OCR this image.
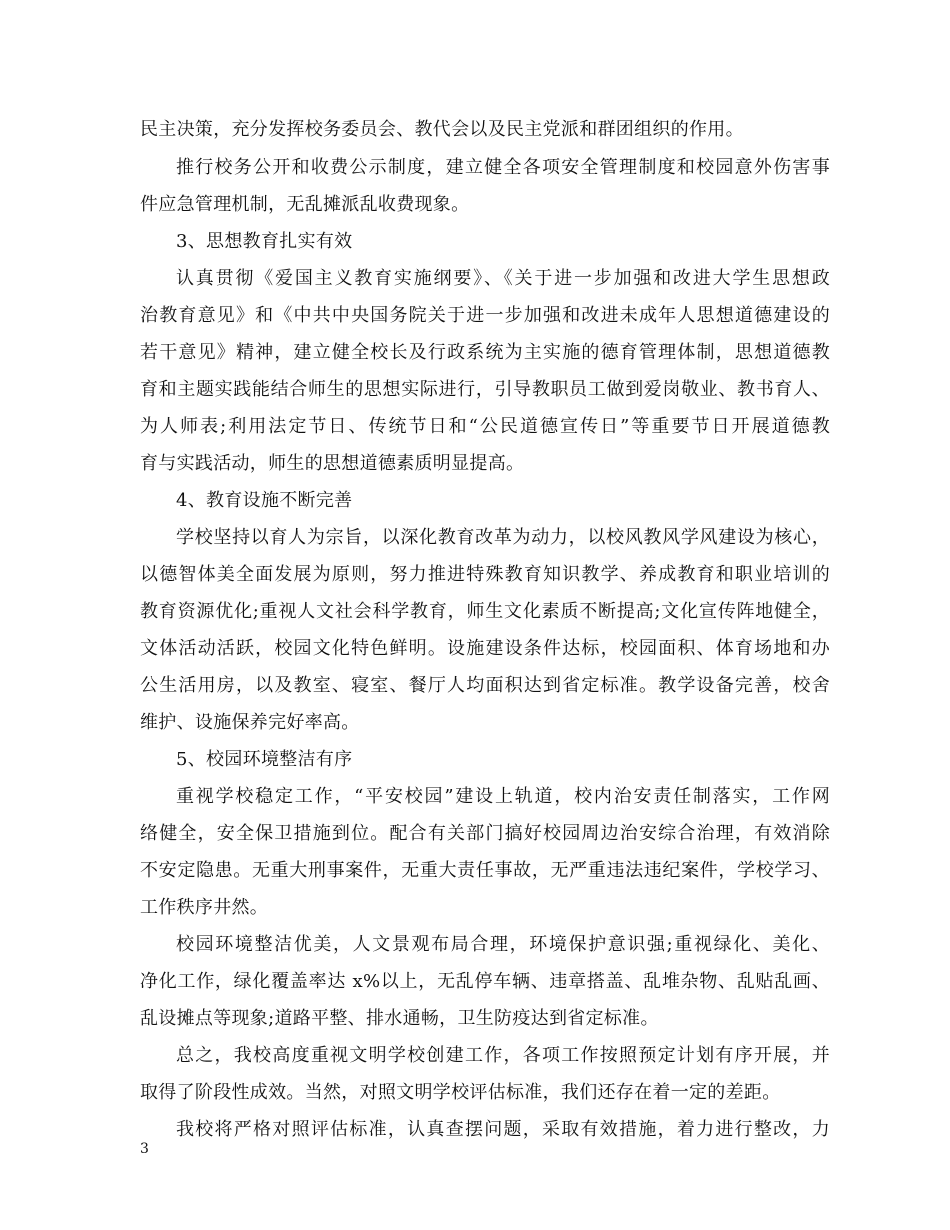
民主决策，充分发挥校务委员会、教代会以及民主党派和群团组织的作用。
推行校务公开和收费公示制度，建立健全各项安全管理制度和校园意外伤害事
件应急管理机制，无乱摊派乱收费现象。
3、思想教育扎实有效
认真贯彻《爱国主义教育实施纲要》、《关于进一步加强和改进大学生思想政
治教育意见》和《中共中央国务院关于进一步加强和改进未成年人思想道德建设的
若干意见》精神，建立健全校长及行政系统为主实施的德育管理体制，思想道德教
育和主题实践能结合师生的思想实际进行，引导教职员工做到爱岗敬业、教书育人、
为人师表;利用法定节日、传统节日和“公民道德宣传日”等重要节日开展道德教
育与实践活动，师生的思想道德素质明显提高。
4、教育设施不断完善
学校坚持以育人为宗旨，以深化教育改革为动力，以校风教风学风建设为核心，
以德智体美全面发展为原则，努力推进特殊教育知识教学、养成教育和职业培训的
教育资源优化;重视人文社会科学教育，师生文化素质不断提高;文化宣传阵地健全，
文体活动活跃，校园文化特色鲜明。设施建设条件达标，校园面积、体育场地和办
公生活用房，以及教室、寝室、餐厅人均面积达到省定标准。教学设备完善，校舍
维护、设施保养完好率高。
5、校园环境整洁有序
重视学校稳定工作，“平安校园”建设上轨道，校内治安责任制落实，工作网
络健全，安全保卫措施到位。配合有关部门搞好校园周边治安综合治理，有效消除
不安定隐患。无重大刑事案件，无重大责任事故，无严重违法违纪案件，学校学习、
工作秩序井然。
校园环境整洁优美，人文景观布局合理，环境保护意识强;重视绿化、美化、
净化工作，绿化覆盖率达 x%以上，无乱停车辆、违章搭盖、乱堆杂物、乱贴乱画、
乱设摊点等现象;道路平整、排水通畅，卫生防疫达到省定标准。
总之，我校高度重视文明学校创建工作，各项工作按照预定计划有序开展，并
取得了阶段性成效。当然，对照文明学校评估标准，我们还存在着一定的差距。
我校将严格对照评估标准，认真查摆问题，采取有效措施，着力进行整改，力
3
